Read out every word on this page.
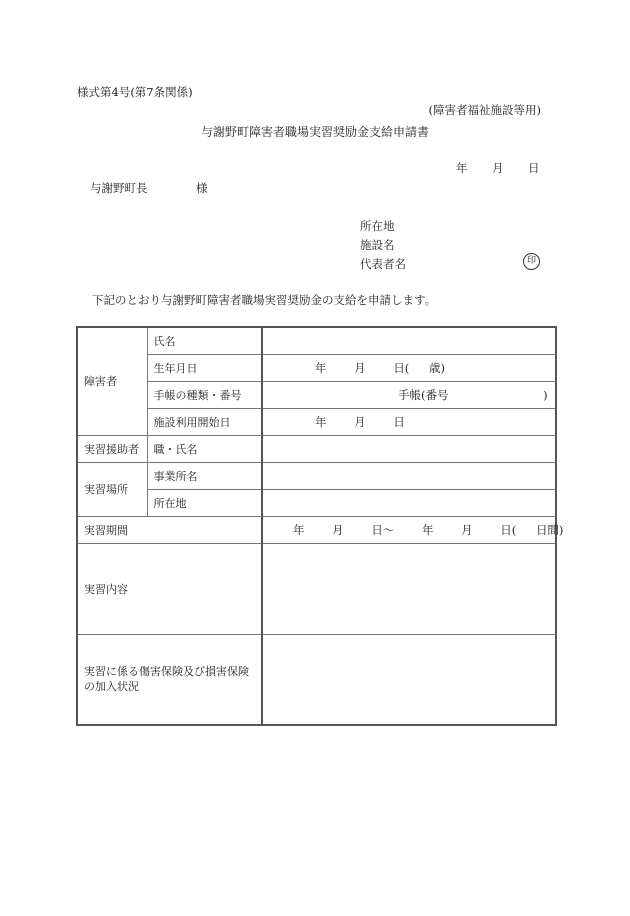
様式第4号(第7条関係)
(障害者福祉施設等用)
与謝野町障害者職場実習奨励金支給申請書
年 月 日
与謝野町長	様
所在地
施設名
代表者名	印
下記のとおり与謝野町障害者職場実習奨励金の支給を申請します。
障害者	氏名	
	生年月日	年 月 日( 歳)
	手帳の種類・番号	手帳(番号 )
	施設利用開始日	年 月 日
実習援助者	職・氏名	
実習場所	事業所名	
	所在地	
実習期間		年 月 日〜 年 月 日( 日間)
実習内容		
実習に係る傷害保険及び損害保険の加入状況		
